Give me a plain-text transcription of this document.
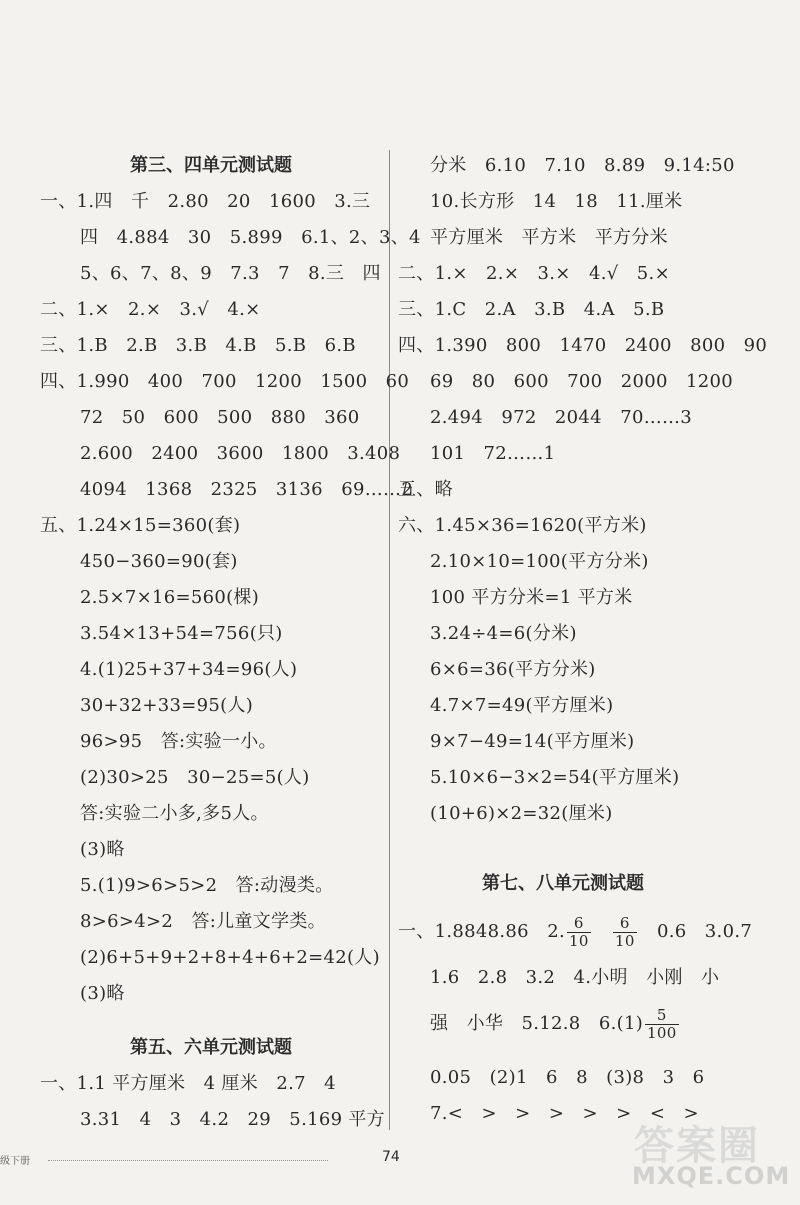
第三、四单元测试题
一、1.四　千　2.80　20　1600　3.三
四　4.884　30　5.899　6.1、2、3、4
5、6、7、8、9　7.3　7　8.三　四
二、1.×　2.×　3.√　4.×
三、1.B　2.B　3.B　4.B　5.B　6.B
四、1.990　400　700　1200　1500　60
72　50　600　500　880　360
2.600　2400　3600　1800　3.408
4094　1368　2325　3136　69……2
五、1.24×15=360(套)
450−360=90(套)
2.5×7×16=560(棵)
3.54×13+54=756(只)
4.(1)25+37+34=96(人)
30+32+33=95(人)
96>95　答:实验一小。
(2)30>25　30−25=5(人)
答:实验二小多,多5人。
(3)略
5.(1)9>6>5>2　答:动漫类。
8>6>4>2　答:儿童文学类。
(2)6+5+9+2+8+4+6+2=42(人)
(3)略
第五、六单元测试题
一、1.1 平方厘米　4 厘米　2.7　4
3.31　4　3　4.2　29　5.169 平方
分米　6.10　7.10　8.89　9.14:50
10.长方形　14　18　11.厘米
平方厘米　平方米　平方分米
二、1.×　2.×　3.×　4.√　5.×
三、1.C　2.A　3.B　4.A　5.B
四、1.390　800　1470　2400　800　90
69　80　600　700　2000　1200
2.494　972　2044　70……3
101　72……1
五、略
六、1.45×36=1620(平方米)
2.10×10=100(平方分米)
100 平方分米=1 平方米
3.24÷4=6(分米)
6×6=36(平方分米)
4.7×7=49(平方厘米)
9×7−49=14(平方厘米)
5.10×6−3×2=54(平方厘米)
(10+6)×2=32(厘米)
第七、八单元测试题
一、1.8848.86　2. $\frac{6}{10}$
　 $\frac{6}{10}$
　 0.6　3.0.7
1.6　2.8　3.2　4.小明　小刚　小
强　小华　5.12.8　$6.(1) \frac{5}{100}$
0.05　(2)1　6　8　(3)8　3　6
7.<　>　>　>　>　>　<　>
级下册	74	答案圈
MXQE.COM
